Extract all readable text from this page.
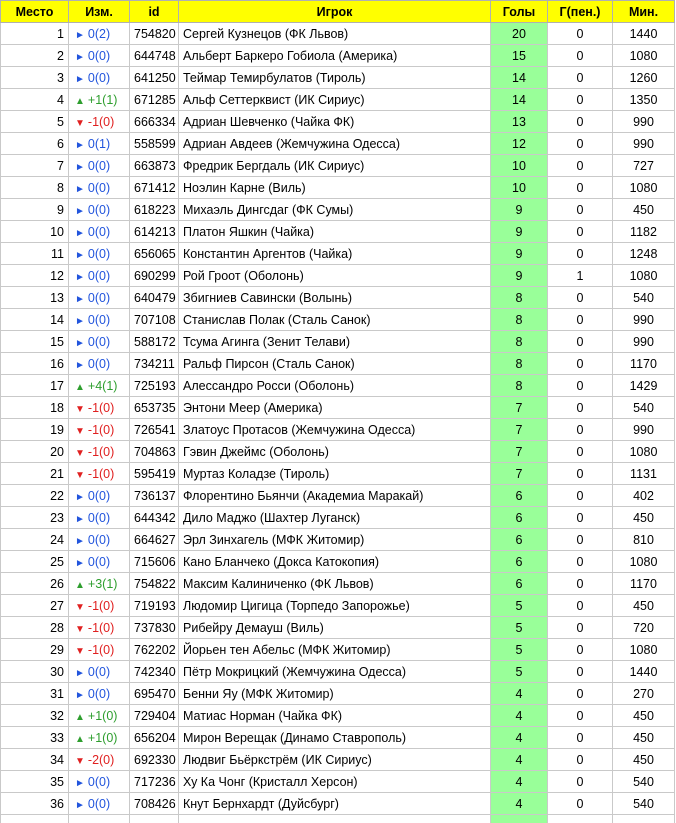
Место	Изм.	id	Игрок	Голы	Г(пен.)	Мин.
1	► 0(2)	754820	Сергей Кузнецов (ФК Львов)	20	0	1440
2	► 0(0)	644748	Альберт Баркеро Гобиола (Америка)	15	0	1080
3	► 0(0)	641250	Теймар Темирбулатов (Тироль)	14	0	1260
4	▲ +1(1)	671285	Альф Сеттерквист (ИК Сириус)	14	0	1350
5	▼ -1(0)	666334	Адриан Шевченко (Чайка ФК)	13	0	990
6	► 0(1)	558599	Адриан Авдеев (Жемчужина Одесса)	12	0	990
7	► 0(0)	663873	Фредрик Бергдаль (ИК Сириус)	10	0	727
8	► 0(0)	671412	Ноэлин Карне (Виль)	10	0	1080
9	► 0(0)	618223	Михаэль Дингсдаг (ФК Сумы)	9	0	450
10	► 0(0)	614213	Платон Яшкин (Чайка)	9	0	1182
11	► 0(0)	656065	Константин Аргентов (Чайка)	9	0	1248
12	► 0(0)	690299	Рой Гроот (Оболонь)	9	1	1080
13	► 0(0)	640479	Збигниев Савински (Волынь)	8	0	540
14	► 0(0)	707108	Станислав Полак (Сталь Санок)	8	0	990
15	► 0(0)	588172	Тсума Агинга (Зенит Телави)	8	0	990
16	► 0(0)	734211	Ральф Пирсон (Сталь Санок)	8	0	1170
17	▲ +4(1)	725193	Алессандро Росси (Оболонь)	8	0	1429
18	▼ -1(0)	653735	Энтони Меер (Америка)	7	0	540
19	▼ -1(0)	726541	Златоус Протасов (Жемчужина Одесса)	7	0	990
20	▼ -1(0)	704863	Гэвин Джеймс (Оболонь)	7	0	1080
21	▼ -1(0)	595419	Муртаз Коладзе (Тироль)	7	0	1131
22	► 0(0)	736137	Флорентино Бьянчи (Академиа Маракай)	6	0	402
23	► 0(0)	644342	Дило Маджо (Шахтер Луганск)	6	0	450
24	► 0(0)	664627	Эрл Зинхагель (МФК Житомир)	6	0	810
25	► 0(0)	715606	Кано Бланчеко (Докса Катокопия)	6	0	1080
26	▲ +3(1)	754822	Максим Калиниченко (ФК Львов)	6	0	1170
27	▼ -1(0)	719193	Людомир Цигица (Торпедо Запорожье)	5	0	450
28	▼ -1(0)	737830	Рибейру Демауш (Виль)	5	0	720
29	▼ -1(0)	762202	Йорьен тен Абельс (МФК Житомир)	5	0	1080
30	► 0(0)	742340	Пётр Мокрицкий (Жемчужина Одесса)	5	0	1440
31	► 0(0)	695470	Бенни Яу (МФК Житомир)	4	0	270
32	▲ +1(0)	729404	Матиас Норман (Чайка ФК)	4	0	450
33	▲ +1(0)	656204	Мирон Верещак (Динамо Ставрополь)	4	0	450
34	▼ -2(0)	692330	Людвиг Бьёркстрём (ИК Сириус)	4	0	450
35	► 0(0)	717236	Ху Ка Чонг (Кристалл Херсон)	4	0	540
36	► 0(0)	708426	Кнут Бернхардт (Дуйсбург)	4	0	540
